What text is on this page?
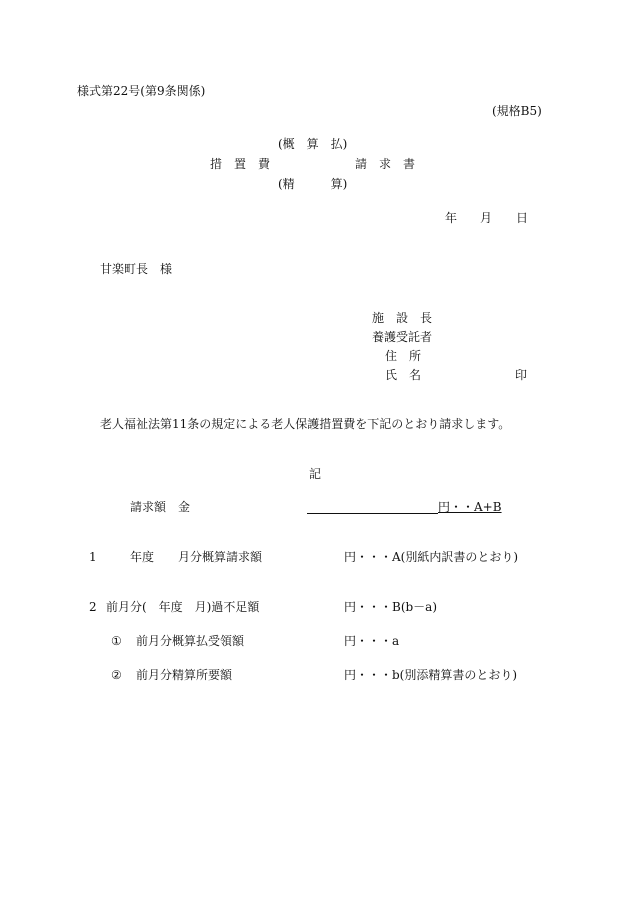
様式第22号(第9条関係)
(規格B5)
(概　算　払)
措　置　費	請　求　書
(精　　　算)
年 月 日
甘楽町長　様
施　設　長
養護受託者
住　所
氏　名	印
老人福祉法第11条の規定による老人保護措置費を下記のとおり請求します。
記
請求額　金	円・・A+B
1	年度　　月分概算請求額	円・・・A(別紙内訳書のとおり)
2 前月分(　年度　月)過不足額	円・・・B(b－a)
① 前月分概算払受領額	円・・・a
② 前月分精算所要額	円・・・b(別添精算書のとおり)
